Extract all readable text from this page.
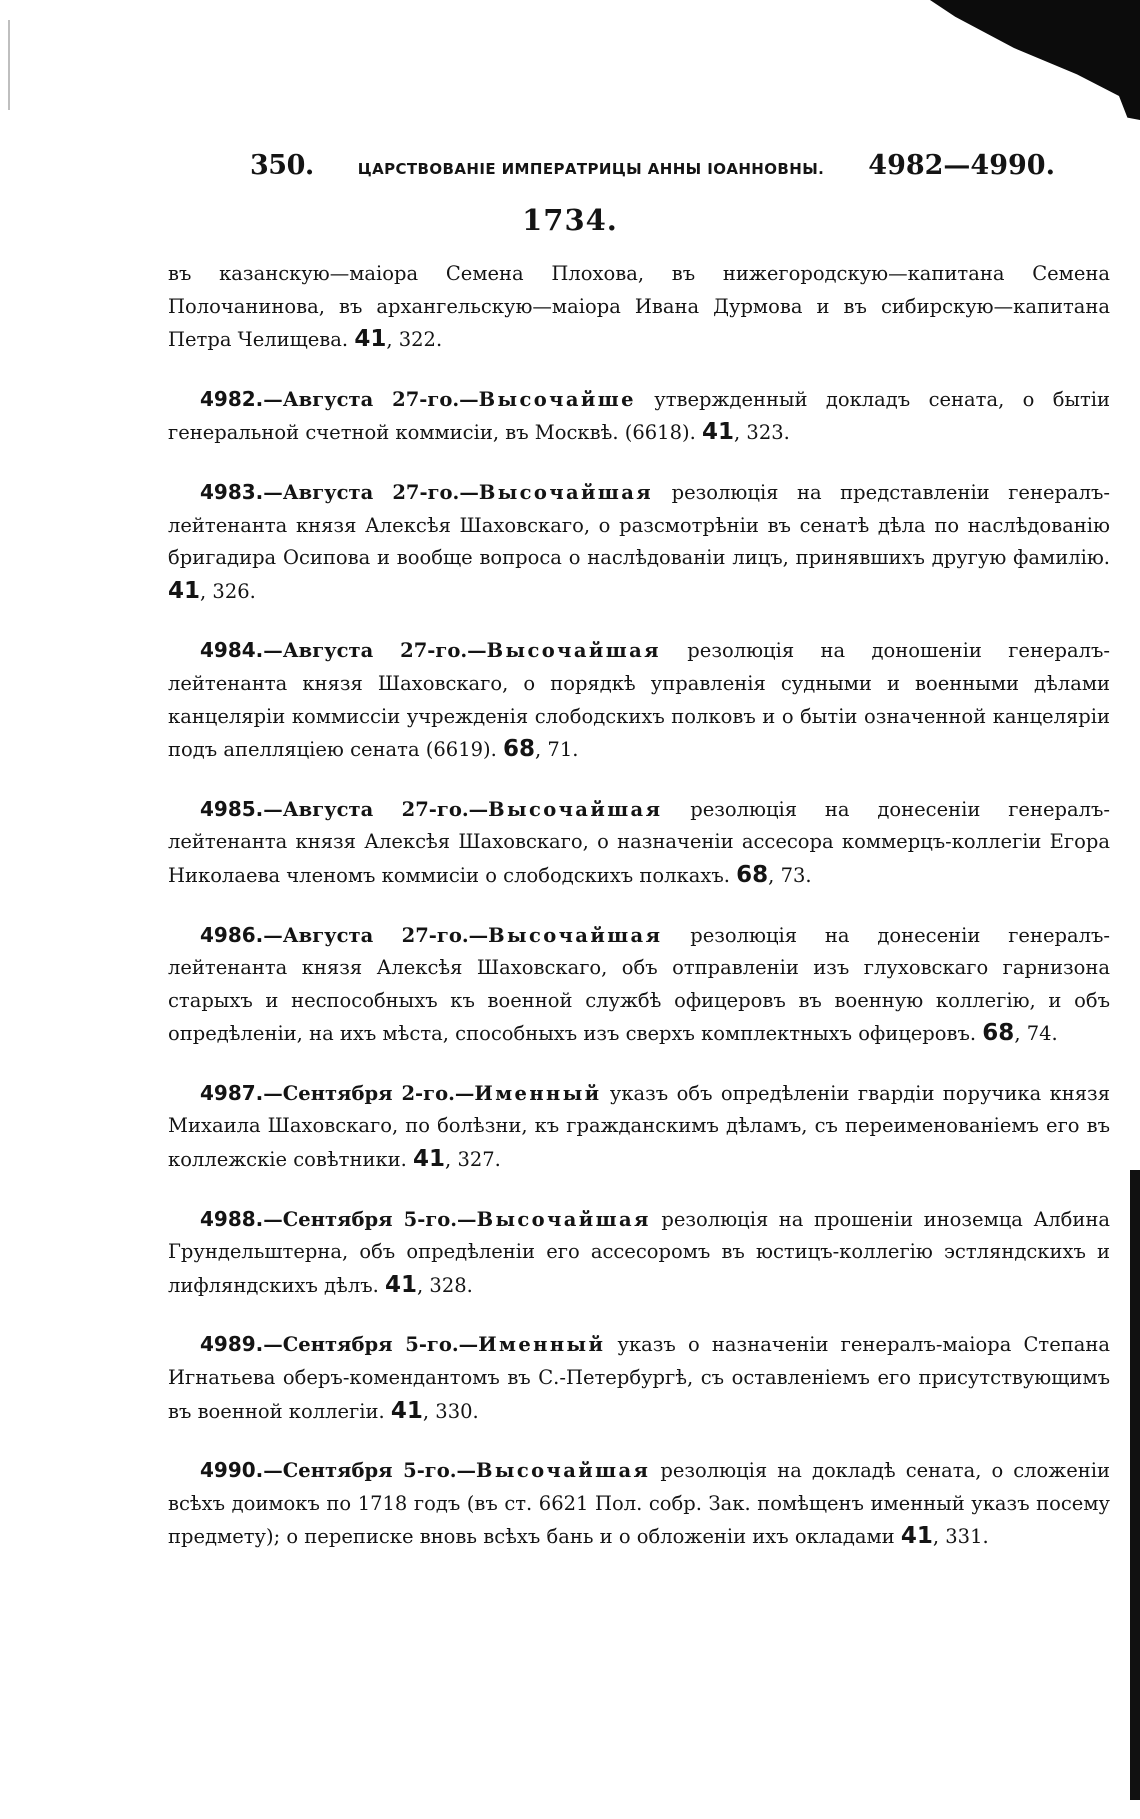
350.	ЦАРСТВОВАНІЕ ИМПЕРАТРИЦЫ АННЫ ІОАННОВНЫ. 4982—4990.
1734.

въ казанскую—маіора Семена Плохова, въ нижегородскую—капитана Семена Полочанинова, въ архангельскую—маіора Ивана Дурмова и въ сибирскую—капитана Петра Челищева. 41, 322.

4982.—Августа 27-го.—Высочайше утвержденный докладъ сената, о бытіи генеральной счетной коммисіи, въ Москвѣ. (6618). 41, 323.

4983.—Августа 27-го.—Высочайшая резолюція на представленіи генералъ-лейтенанта князя Алексѣя Шаховскаго, о разсмотрѣніи въ сенатѣ дѣла по наслѣдованію бригадира Осипова и вообще вопроса о наслѣдованіи лицъ, принявшихъ другую фамилію. 41, 326.

4984.—Августа 27-го.—Высочайшая резолюція на доношеніи генералъ-лейтенанта князя Шаховскаго, о порядкѣ управленія судными и военными дѣлами канцеляріи коммиссіи учрежденія слободскихъ полковъ и о бытіи означенной канцеляріи подъ апелляціею сената (6619). 68, 71.

4985.—Августа 27-го.—Высочайшая резолюція на донесеніи генералъ-лейтенанта князя Алексѣя Шаховскаго, о назначеніи ассесора коммерцъ-коллегіи Егора Николаева членомъ коммисіи о слободскихъ полкахъ. 68, 73.

4986.—Августа 27-го.—Высочайшая резолюція на донесеніи генералъ-лейтенанта князя Алексѣя Шаховскаго, объ отправленіи изъ глуховскаго гарнизона старыхъ и неспособныхъ къ военной службѣ офицеровъ въ военную коллегію, и объ опредѣленіи, на ихъ мѣста, способныхъ изъ сверхъ комплектныхъ офицеровъ. 68, 74.

4987.—Сентября 2-го.—Именный указъ объ опредѣленіи гвардіи поручика князя Михаила Шаховскаго, по болѣзни, къ гражданскимъ дѣламъ, съ переименованіемъ его въ коллежскіе совѣтники. 41, 327.

4988.—Сентября 5-го.—Высочайшая резолюція на прошеніи иноземца Албина Грундельштерна, объ опредѣленіи его ассесоромъ въ юстицъ-коллегію эстляндскихъ и лифляндскихъ дѣлъ. 41, 328.

4989.—Сентября 5-го.—Именный указъ о назначеніи генералъ-маіора Степана Игнатьева оберъ-комендантомъ въ С.-Петербургѣ, съ оставленіемъ его присутствующимъ въ военной коллегіи. 41, 330.

4990.—Сентября 5-го.—Высочайшая резолюція на докладѣ сената, о сложеніи всѣхъ доимокъ по 1718 годъ (въ ст. 6621 Пол. собр. Зак. помѣщенъ именный указъ посему предмету); о переписке вновь всѣхъ бань и о обложеніи ихъ окладами 41, 331.
